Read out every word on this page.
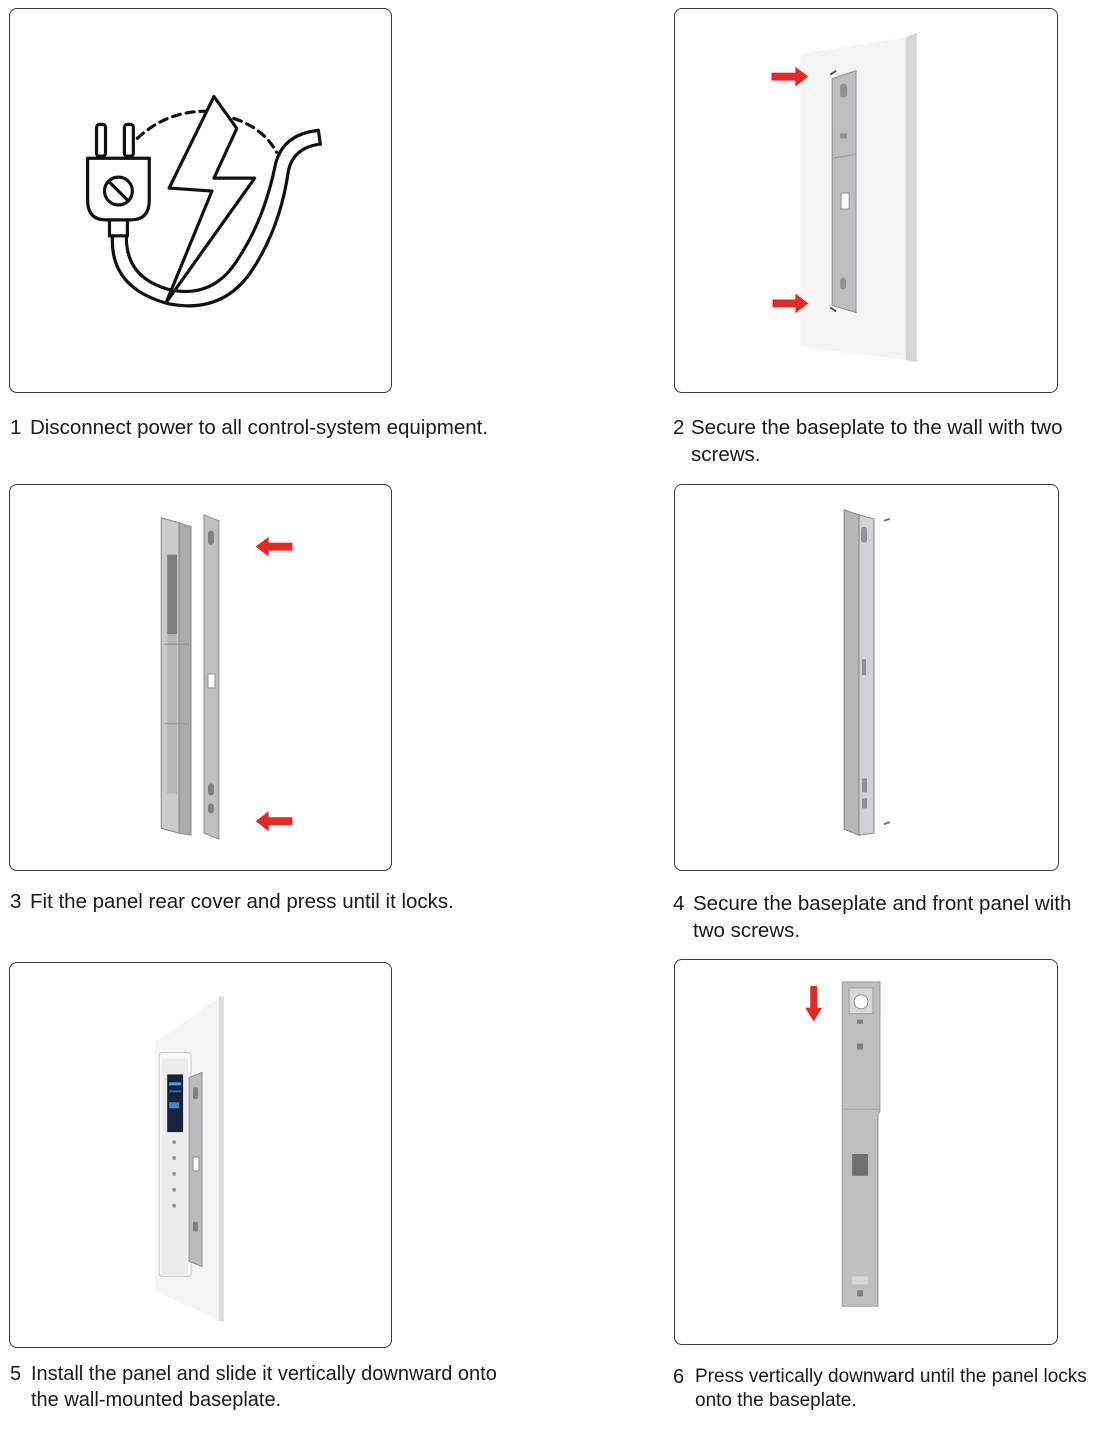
1 Disconnect power to all control-system equipment.	2 Secure the baseplate to the wall with two screws.
3 Fit the panel rear cover and press until it locks.	4 Secure the baseplate and front panel with two screws.
5 Install the panel and slide it vertically downward onto the wall-mounted baseplate.
6 Press vertically downward until the panel locks onto the baseplate.
